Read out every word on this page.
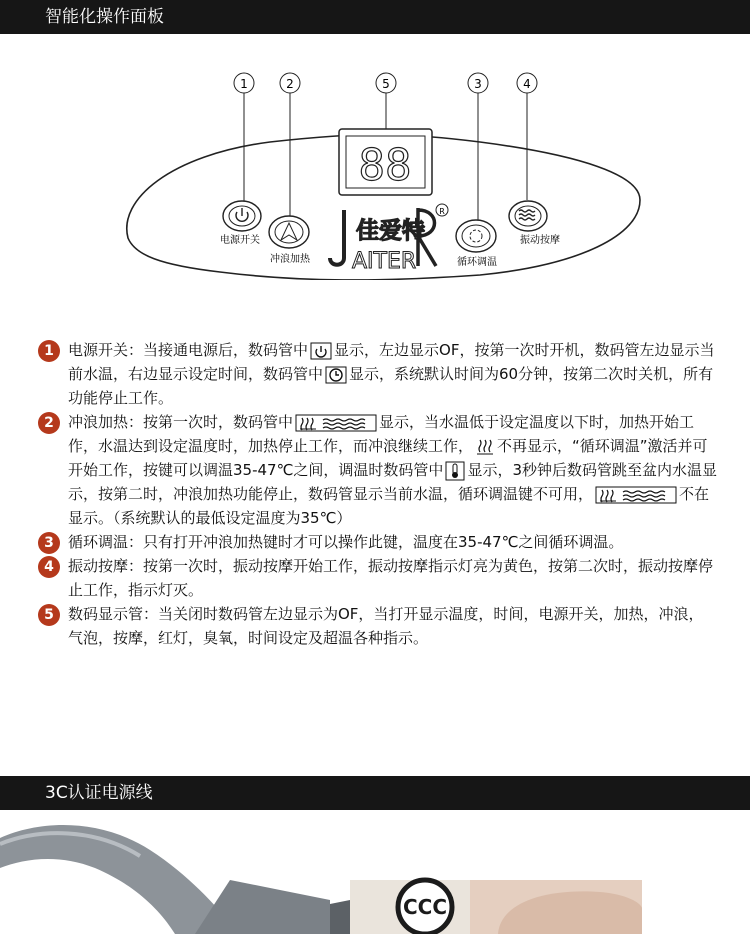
智能化操作面板
1	2	5	3	4
88
电源开关
冲浪加热
佳爱特
AITER
R
循环调温
振动按摩
1 电源开关：当接通电源后，数码管中 显示，左边显示OF，按第一次时开机，数码管左边显示当前水温，右边显示设定时间，数码管中 显示，系统默认时间为60分钟，按第二次时关机，所有功能停止工作。
2 冲浪加热：按第一次时，数码管中	显示，当水温低于设定温度以下时，加热开始工作，水温达到设定温度时，加热停止工作，而冲浪继续工作， 不再显示，“循环调温”激活并可开始工作，按键可以调温35-47℃之间，调温时数码管中 显示，3秒钟后数码管跳至盆内水温显示，按第二时，冲浪加热功能停止，数码管显示当前水温，循环调温键不可用，	不在显示。（系统默认的最低设定温度为35℃）
3 循环调温：只有打开冲浪加热键时才可以操作此键，温度在35-47℃之间循环调温。
4 振动按摩：按第一次时，振动按摩开始工作，振动按摩指示灯亮为黄色，按第二次时，振动按摩停止工作，指示灯灭。
5 数码显示管：当关闭时数码管左边显示为OF，当打开显示温度，时间，电源开关，加热，冲浪，气泡，按摩，红灯，臭氧，时间设定及超温各种指示。
3C认证电源线
CCC
